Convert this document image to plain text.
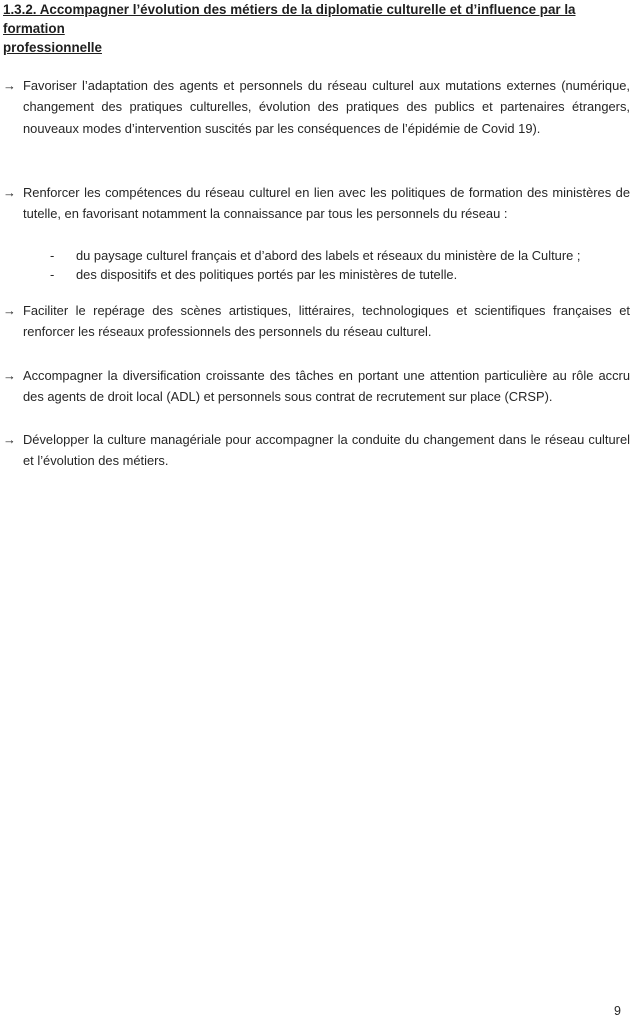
1.3.2. Accompagner l’évolution des métiers de la diplomatie culturelle et d’influence par la formation
professionnelle
→ Favoriser l’adaptation des agents et personnels du réseau culturel aux mutations externes (numérique, changement des pratiques culturelles, évolution des pratiques des publics et partenaires étrangers, nouveaux modes d’intervention suscités par les conséquences de l’épidémie de Covid 19).
→ Renforcer les compétences du réseau culturel en lien avec les politiques de formation des ministères de tutelle, en favorisant notamment la connaissance par tous les personnels du réseau :
- du paysage culturel français et d’abord des labels et réseaux du ministère de la Culture ;
- des dispositifs et des politiques portés par les ministères de tutelle.
→ Faciliter le repérage des scènes artistiques, littéraires, technologiques et scientifiques françaises et renforcer les réseaux professionnels des personnels du réseau culturel.
→ Accompagner la diversification croissante des tâches en portant une attention particulière au rôle accru des agents de droit local (ADL) et personnels sous contrat de recrutement sur place (CRSP).
→ Développer la culture managériale pour accompagner la conduite du changement dans le réseau culturel et l’évolution des métiers.
9
